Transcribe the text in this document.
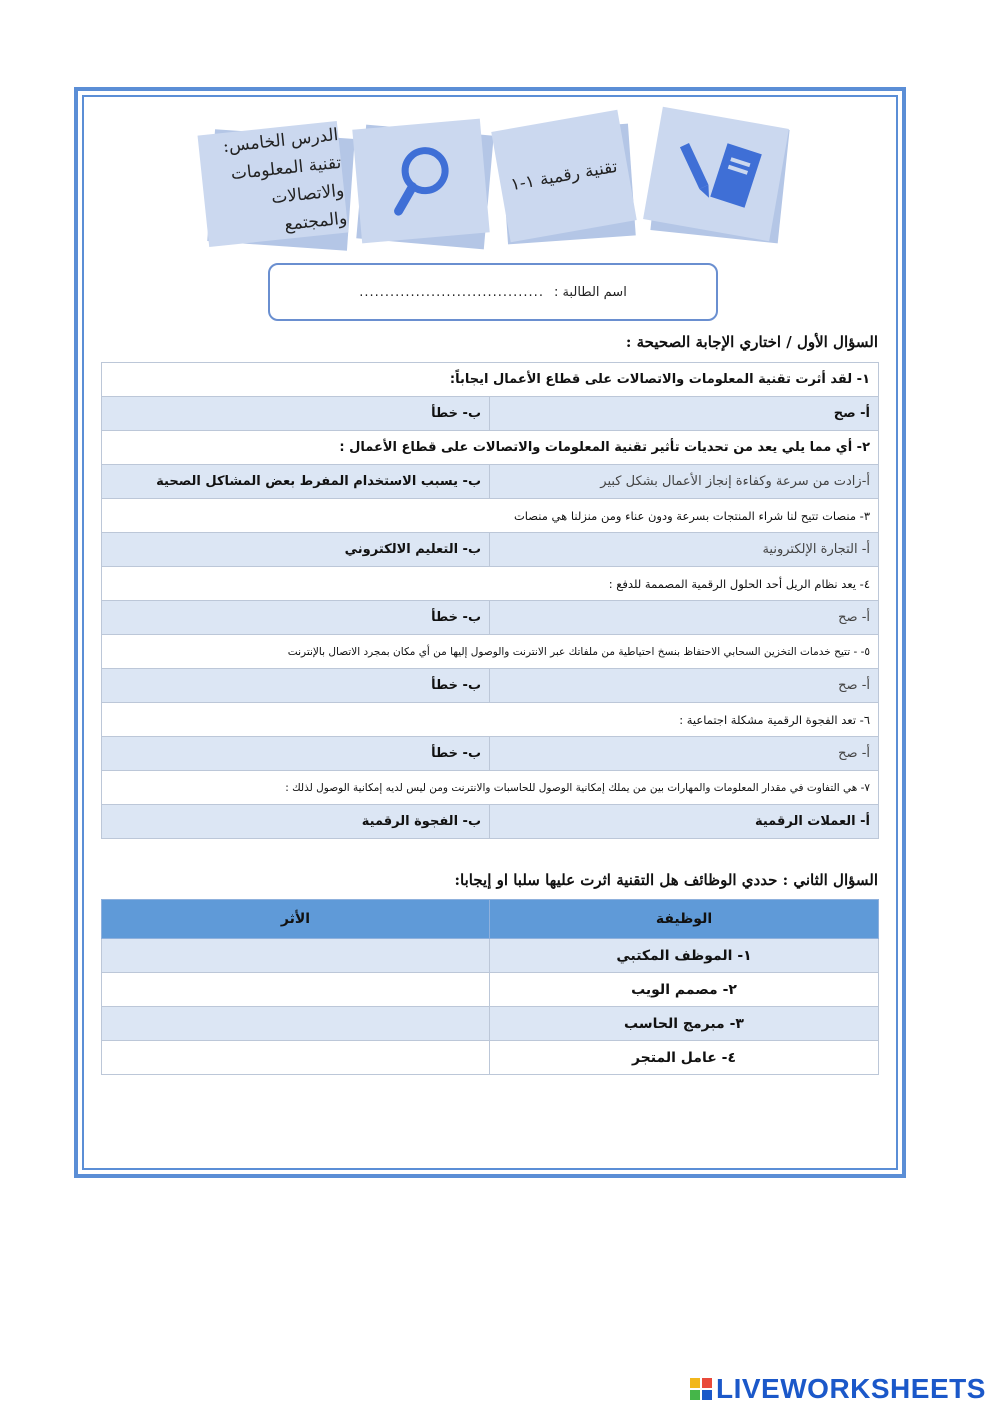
الدرس الخامس:
تقنية المعلومات
والاتصالات والمجتمع
تقنية رقمية ١-١
اسم الطالبة :
....................................
السؤال الأول / اختاري الإجابة الصحيحة :
١- لقد أثرت تقنية المعلومات والاتصالات على قطاع الأعمال ايجاباً:	
أ- صح	ب- خطأ
٢- أي مما يلي يعد من تحديات تأثير تقنية المعلومات والاتصالات على قطاع الأعمال :	
أ-زادت من سرعة وكفاءة إنجاز الأعمال بشكل كبير	ب- يسبب الاستخدام المفرط بعض المشاكل الصحية
٣- منصات تتيح لنا شراء المنتجات بسرعة ودون عناء ومن منزلنا هي منصات	
أ- التجارة الإلكترونية	ب- التعليم الالكتروني
٤- يعد نظام الريل أحد الحلول الرقمية المصممة للدفع :	
أ- صح	ب- خطأ
٥- - تتيح خدمات التخزين السحابي الاحتفاظ بنسخ احتياطية من ملفاتك عبر الانترنت والوصول إليها من أي مكان بمجرد الاتصال بالإنترنت	
أ- صح	ب- خطأ
٦- تعد الفجوة الرقمية مشكلة اجتماعية :	
أ- صح	ب- خطأ
٧- هي التفاوت في مقدار المعلومات والمهارات بين من يملك إمكانية الوصول للحاسبات والانترنت ومن ليس لديه إمكانية الوصول لذلك :	
أ- العملات الرقمية	ب- الفجوة الرقمية
السؤال الثاني : حددي الوظائف هل التقنية اثرت عليها سلبا او إيجابا:
الوظيفة	الأثر
١- الموظف المكتبي	
٢- مصمم الويب	
٣- مبرمج الحاسب	
٤- عامل المتجر	
LIVEWORKSHEETS
